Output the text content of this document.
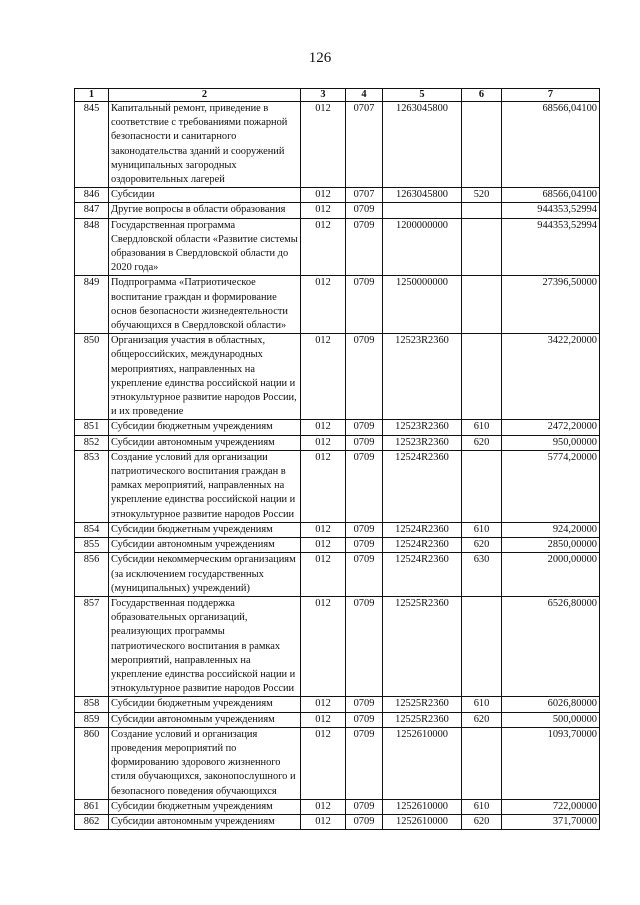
126
1	2	3	4	5	6	7
845	Капитальный ремонт, приведение в соответствие с требованиями пожарной безопасности и санитарного законодательства зданий и сооружений муниципальных загородных оздоровительных лагерей	012	0707	1263045800		68566,04100
846	Субсидии	012	0707	1263045800	520	68566,04100
847	Другие вопросы в области образования	012	0709			944353,52994
848	Государственная программа Свердловской области «Развитие системы образования в Свердловской области до 2020 года»	012	0709	1200000000		944353,52994
849	Подпрограмма «Патриотическое воспитание граждан и формирование основ безопасности жизнедеятельности обучающихся в Свердловской области»	012	0709	1250000000		27396,50000
850	Организация участия в областных, общероссийских, международных мероприятиях, направленных на укрепление единства российской нации и этнокультурное развитие народов России, и их проведение	012	0709	12523R2360		3422,20000
851	Субсидии бюджетным учреждениям	012	0709	12523R2360	610	2472,20000
852	Субсидии автономным учреждениям	012	0709	12523R2360	620	950,00000
853	Создание условий для организации патриотического воспитания граждан в рамках мероприятий, направленных на укрепление единства российской нации и этнокультурное развитие народов России	012	0709	12524R2360		5774,20000
854	Субсидии бюджетным учреждениям	012	0709	12524R2360	610	924,20000
855	Субсидии автономным учреждениям	012	0709	12524R2360	620	2850,00000
856	Субсидии некоммерческим организациям (за исключением государственных (муниципальных) учреждений)	012	0709	12524R2360	630	2000,00000
857	Государственная поддержка образовательных организаций, реализующих программы патриотического воспитания в рамках мероприятий, направленных на укрепление единства российской нации и этнокультурное развитие народов России	012	0709	12525R2360		6526,80000
858	Субсидии бюджетным учреждениям	012	0709	12525R2360	610	6026,80000
859	Субсидии автономным учреждениям	012	0709	12525R2360	620	500,00000
860	Создание условий и организация проведения мероприятий по формированию здорового жизненного стиля обучающихся, законопослушного и безопасного поведения обучающихся	012	0709	1252610000		1093,70000
861	Субсидии бюджетным учреждениям	012	0709	1252610000	610	722,00000
862	Субсидии автономным учреждениям	012	0709	1252610000	620	371,70000
